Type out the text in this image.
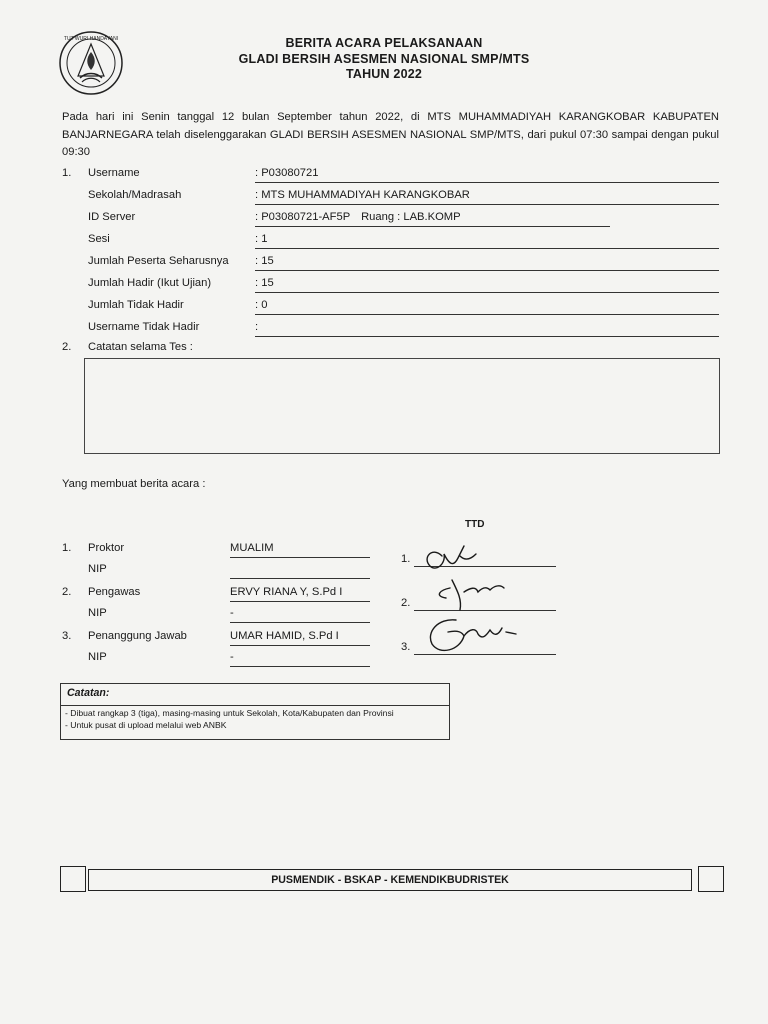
TUT WURI HANDAYANI	BERITA ACARA PELAKSANAAN
GLADI BERSIH ASESMEN NASIONAL SMP/MTS
TAHUN 2022
Pada hari ini Senin tanggal 12 bulan September tahun 2022, di MTS MUHAMMADIYAH KARANGKOBAR KABUPATEN BANJARNEGARA telah diselenggarakan GLADI BERSIH ASESMEN NASIONAL SMP/MTS, dari pukul 07:30 sampai dengan pukul 09:30
1. Username	: P03080721
Sekolah/Madrasah	: MTS MUHAMMADIYAH KARANGKOBAR
ID Server	: P03080721-AF5P Ruang : LAB.KOMP
Sesi	: 1
Jumlah Peserta Seharusnya : 15
Jumlah Hadir (Ikut Ujian)	: 15
Jumlah Tidak Hadir	: 0
Username Tidak Hadir	:
2. Catatan selama Tes :
Yang membuat berita acara :
TTD
1. Proktor	MUALIM
NIP
2. Pengawas	ERVY RIANA Y, S.Pd I
NIP	-
3. Penanggung Jawab	UMAR HAMID, S.Pd I
NIP	-
1.
2.
3.
Catatan:
- Dibuat rangkap 3 (tiga), masing-masing untuk Sekolah, Kota/Kabupaten dan Provinsi
- Untuk pusat di upload melalui web ANBK
PUSMENDIK - BSKAP - KEMENDIKBUDRISTEK
